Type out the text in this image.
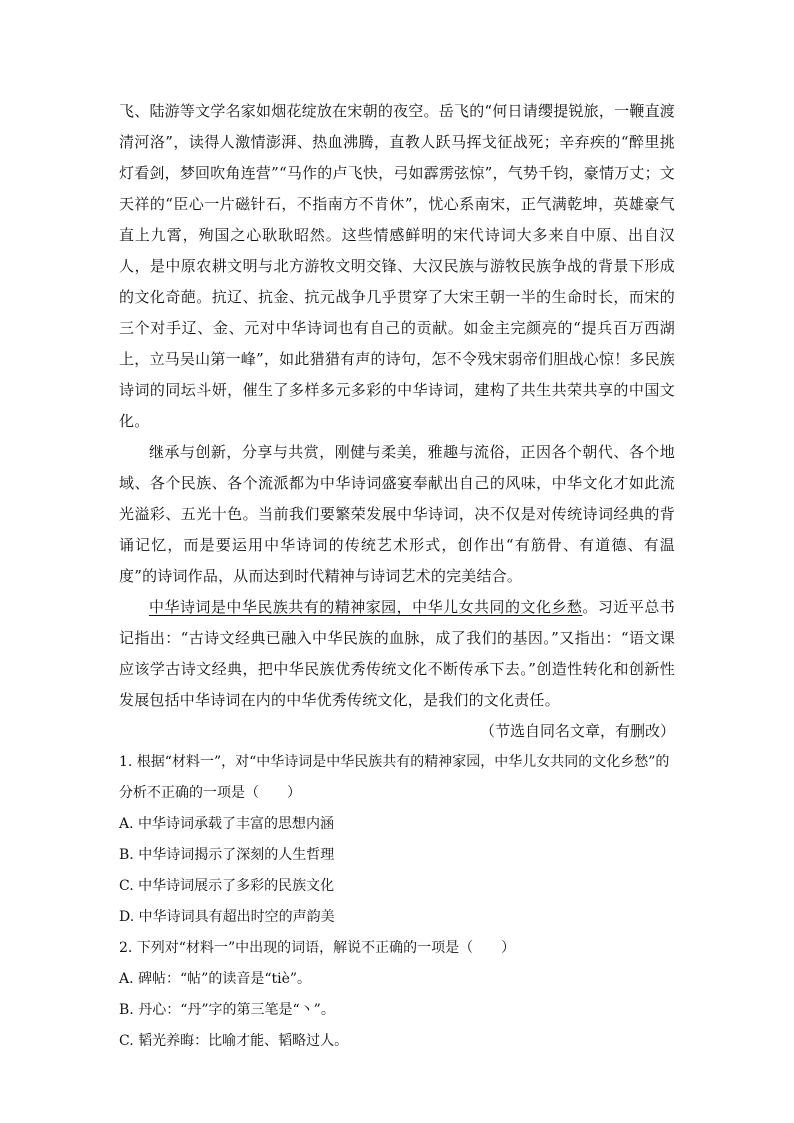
飞、陆游等文学名家如烟花绽放在宋朝的夜空。岳飞的“何日请缨提锐旅，一鞭直渡清河洛”，读得人激情澎湃、热血沸腾，直教人跃马挥戈征战死；辛弃疾的“醉里挑灯看剑，梦回吹角连营”“马作的卢飞快，弓如霹雳弦惊”，气势千钧，豪情万丈；文天祥的“臣心一片磁针石，不指南方不肯休”，忧心系南宋，正气满乾坤，英雄豪气直上九霄，殉国之心耿耿昭然。这些情感鲜明的宋代诗词大多来自中原、出自汉人，是中原农耕文明与北方游牧文明交锋、大汉民族与游牧民族争战的背景下形成的文化奇葩。抗辽、抗金、抗元战争几乎贯穿了大宋王朝一半的生命时长，而宋的三个对手辽、金、元对中华诗词也有自己的贡献。如金主完颜亮的“提兵百万西湖上，立马吴山第一峰”，如此猎猎有声的诗句，怎不令残宋弱帝们胆战心惊！多民族诗词的同坛斗妍，催生了多样多元多彩的中华诗词，建构了共生共荣共享的中国文化。

继承与创新，分享与共赏，刚健与柔美，雅趣与流俗，正因各个朝代、各个地域、各个民族、各个流派都为中华诗词盛宴奉献出自己的风味，中华文化才如此流光溢彩、五光十色。当前我们要繁荣发展中华诗词，决不仅是对传统诗词经典的背诵记忆，而是要运用中华诗词的传统艺术形式，创作出“有筋骨、有道德、有温度”的诗词作品，从而达到时代精神与诗词艺术的完美结合。

中华诗词是中华民族共有的精神家园，中华儿女共同的文化乡愁。习近平总书记指出：“古诗文经典已融入中华民族的血脉，成了我们的基因。”又指出：“语文课应该学古诗文经典，把中华民族优秀传统文化不断传承下去。”创造性转化和创新性发展包括中华诗词在内的中华优秀传统文化，是我们的文化责任。

（节选自同名文章，有删改）

1. 根据“材料一”，对“中华诗词是中华民族共有的精神家园，中华儿女共同的文化乡愁”的分析不正确的一项是（　　）

A. 中华诗词承载了丰富的思想内涵

B. 中华诗词揭示了深刻的人生哲理

C. 中华诗词展示了多彩的民族文化

D. 中华诗词具有超出时空的声韵美

2. 下列对“材料一”中出现的词语，解说不正确的一项是（　　）

A. 碑帖：“帖”的读音是“tiè”。

B. 丹心：“丹”字的第三笔是“丶”。

C. 韬光养晦：比喻才能、韬略过人。
